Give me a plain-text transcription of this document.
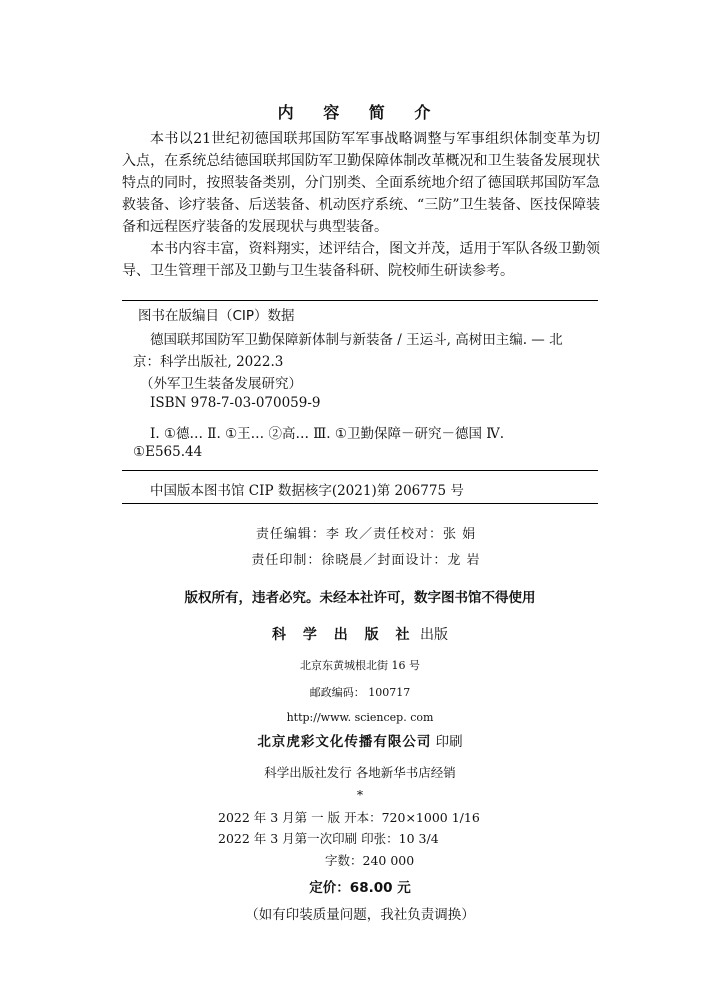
内 容 简 介

本书以21世纪初德国联邦国防军军事战略调整与军事组织体制变革为切入点，在系统总结德国联邦国防军卫勤保障体制改革概况和卫生装备发展现状特点的同时，按照装备类别，分门别类、全面系统地介绍了德国联邦国防军急救装备、诊疗装备、后送装备、机动医疗系统、“三防”卫生装备、医技保障装备和远程医疗装备的发展现状与典型装备。

本书内容丰富，资料翔实，述评结合，图文并茂，适用于军队各级卫勤领导、卫生管理干部及卫勤与卫生装备科研、院校师生研读参考。

图书在版编目（CIP）数据
德国联邦国防军卫勤保障新体制与新装备 / 王运斗, 高树田主编. — 北
京：科学出版社, 2022.3
（外军卫生装备发展研究）
ISBN 978-7-03-070059-9
Ⅰ. ①德… Ⅱ. ①王… ②高… Ⅲ. ①卫勤保障－研究－德国 Ⅳ.
①E565.44
中国版本图书馆 CIP 数据核字(2021)第 206775 号
责任编辑：李 玫／责任校对：张 娟
责任印制：徐晓晨／封面设计：龙 岩
版权所有，违者必究。未经本社许可，数字图书馆不得使用
科 学 出 版 社 出版
北京东黄城根北街 16 号
邮政编码： 100717
http://www. sciencep. com
北京虎彩文化传播有限公司 印刷
科学出版社发行 各地新华书店经销
*
2022 年 3 月第 一 版 开本：720×1000 1/16
2022 年 3 月第一次印刷 印张：10 3/4
字数：240 000
定价：68.00 元
（如有印装质量问题，我社负责调换）
